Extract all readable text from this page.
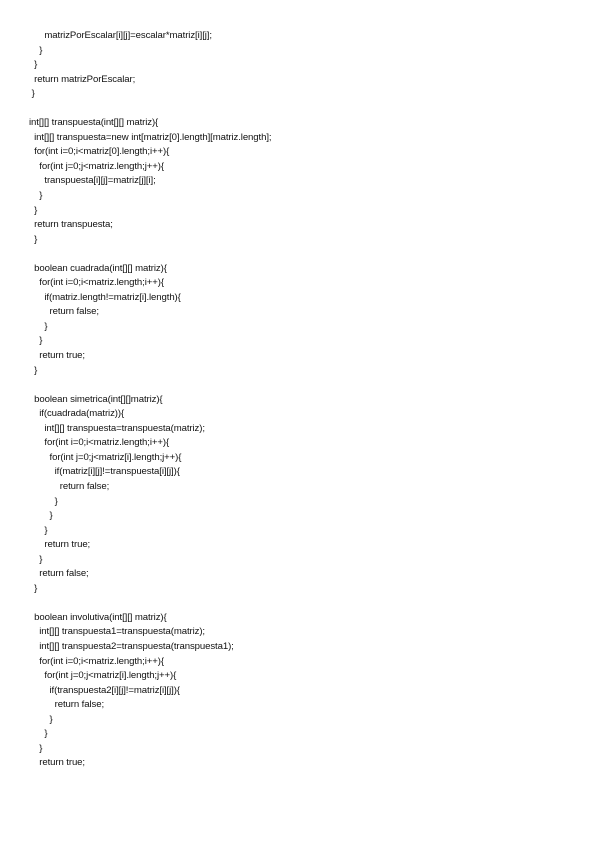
matrizPorEscalar[i][j]=escalar*matriz[i][j];
}
}
return matrizPorEscalar;
}
int[][] transpuesta(int[][] matriz){
int[][] transpuesta=new int[matriz[0].length][matriz.length];
for(int i=0;i<matriz[0].length;i++){
for(int j=0;j<matriz.length;j++){
transpuesta[i][j]=matriz[j][i];
}
}
return transpuesta;
}
boolean cuadrada(int[][] matriz){
for(int i=0;i<matriz.length;i++){
if(matriz.length!=matriz[i].length){
return false;
}
}
return true;
}
boolean simetrica(int[][]matriz){
if(cuadrada(matriz)){
int[][] transpuesta=transpuesta(matriz);
for(int i=0;i<matriz.length;i++){
for(int j=0;j<matriz[i].length;j++){
if(matriz[i][j]!=transpuesta[i][j]){
return false;
}
}
}
return true;
}
return false;
}
boolean involutiva(int[][] matriz){
int[][] transpuesta1=transpuesta(matriz);
int[][] transpuesta2=transpuesta(transpuesta1);
for(int i=0;i<matriz.length;i++){
for(int j=0;j<matriz[i].length;j++){
if(transpuesta2[i][j]!=matriz[i][j]){
return false;
}
}
}
return true;
